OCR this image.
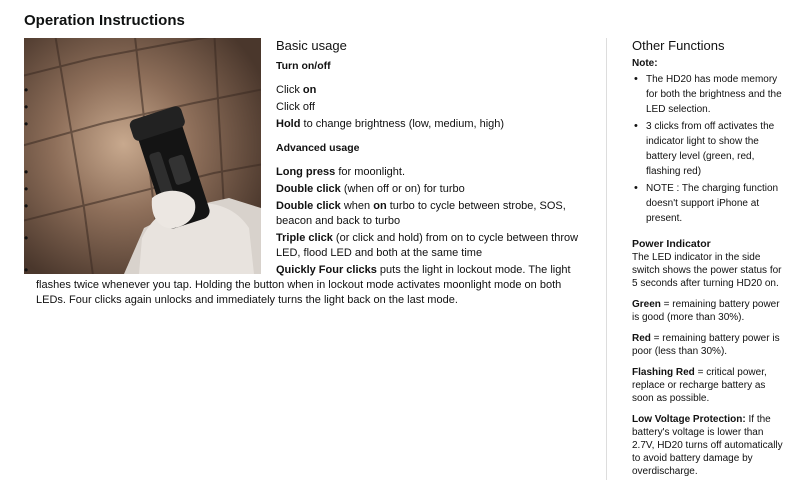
Operation Instructions
Basic usage
Turn on/off
• Click on
• Click off
• Hold to change brightness (low, medium, high)
Advanced usage
• Long press for moonlight.
• Double click (when off or on) for turbo
• Double click when on turbo to cycle between strobe, SOS, beacon and back to turbo
• Triple click (or click and hold) from on to cycle between throw LED, flood LED and both at the same time
• Quickly Four clicks puts the light in lockout mode. The light flashes twice whenever you tap. Holding the button when in lockout mode activates moonlight mode on both LEDs. Four clicks again unlocks and immediately turns the light back on the last mode.
Other Functions
Note:
• The HD20 has mode memory for both the brightness and the LED selection.
• 3 clicks from off activates the indicator light to show the battery level (green, red, flashing red)
• NOTE : The charging function doesn't support iPhone at present.
Power Indicator
The LED indicator in the side switch shows the power status for 5 seconds after turning HD20 on.
Green = remaining battery power is good (more than 30%).
Red = remaining battery power is poor (less than 30%).
Flashing Red = critical power, replace or recharge battery as soon as possible.
Low Voltage Protection: If the battery's voltage is lower than 2.7V, HD20 turns off automatically to avoid battery damage by overdischarge.
